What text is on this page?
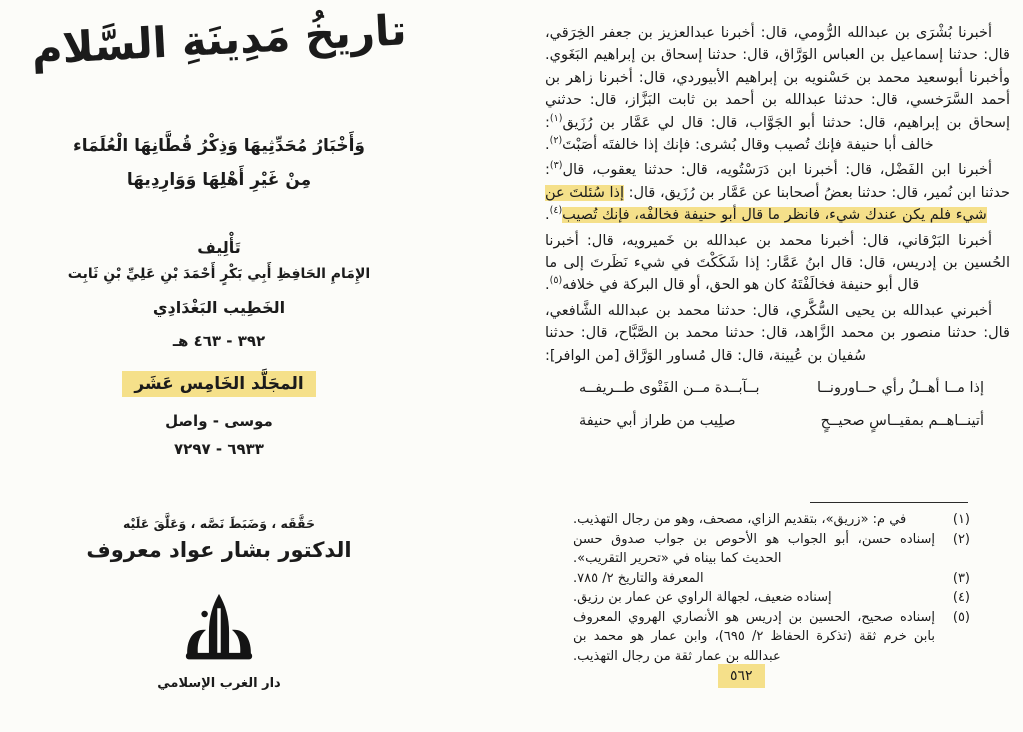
تاريخُ مَدِينَةِ السَّلام
وَأَخْبَارُ مُحَدِّثِيهَا وَذِكْرُ قُطَّانِهَا الْعُلَمَاء
مِنْ غَيْرِ أَهْلِهَا وَوَارِدِيهَا
تَأْلِيف
الإِمَامِ الحَافِظِ أَبِي بَكْرٍ أَحْمَدَ بْنِ عَلِيِّ بْنِ ثَابِت
الخَطِيب البَغْدَادِي
٣٩٢ - ٤٦٣ هـ
المجَلَّد الخَامِس عَشَر
موسى - واصل
٦٩٣٣ - ٧٢٩٧
حَقَّقَه ، وَضَبَطَ نَصَّه ، وَعَلَّقَ عَلَيْه
الدكتور بشار عواد معروف
دار الغرب الإسلامي

أخبرنا بُشْرَى بن عبدالله الرُّومي، قال: أخبرنا عبدالعزيز بن جعفر الخِرَقي، قال: حدثنا إسماعيل بن العباس الوَرَّاق، قال: حدثنا إسحاق بن إبراهيم البَغَوي. وأخبرنا أبوسعيد محمد بن حَسْنويه بن إبراهيم الأبيوردي، قال: أخبرنا زاهر بن أحمد السَّرَخسي، قال: حدثنا عبدالله بن أحمد بن ثابت البَزَّاز، قال: حدثني إسحاق بن إبراهيم، قال: حدثنا أبو الجَوَّاب، قال: قال لي عَمَّار بن رُزَيق$^{(١)}$: خالف أبا حنيفة فإنك تُصيب وقال بُشرى: فإنك إذا خالفتَه أصَبْتَ$^{(٢)}$.

أخبرنا ابن الفَضْل، قال: أخبرنا ابن دَرَسْتُويه، قال: حدثنا يعقوب، قال$^{(٣)}$: حدثنا ابن نُمير، قال: حدثنا بعضُ أصحابنا عن عَمَّار بن رُزَيق، قال: إذا سُئلتَ عن شيء فلم يكن عندك شيء، فانظر ما قال أبو حنيفة فخالفْه، فإنك تُصيب$^{(٤)}$.

أخبرنا البَرْقاني، قال: أخبرنا محمد بن عبدالله بن خَميرويه، قال: أخبرنا الحُسين بن إدريس، قال: قال ابنُ عَمَّار: إذا شَكَكْتَ في شيء نَظَرتَ إلى ما قال أبو حنيفة فخالَفْتَهُ كان هو الحق، أو قال البركة في خلافه$^{(٥)}$.

أخبرني عبدالله بن يحيى السُّكَّري، قال: حدثنا محمد بن عبدالله الشَّافعي، قال: حدثنا منصور بن محمد الزَّاهد، قال: حدثنا محمد بن الصَّبَّاح، قال: حدثنا سُفيان بن عُيينة، قال: قال مُساور الوَرَّاق [من الوافر]:

إذا مــا أهــلُ رأي حــاورونــا
بــآبــدة مــن الفَتْوى طــريفــه
أتينــاهــم بمقيــاسٍ صحيــحٍ
صلِيب من طراز أبي حنيفة
(١)
في م: «زريق»، بتقديم الزاي، مصحف، وهو من رجال التهذيب.
(٢)
إسناده حسن، أبو الجواب هو الأحوص بن جواب صدوق حسن الحديث كما بيناه في «تحرير التقريب».
(٣)
المعرفة والتاريخ ٢/ ٧٨٥.
(٤)
إسناده ضعيف، لجهالة الراوي عن عمار بن رزيق.
(٥)
إسناده صحيح، الحسين بن إدريس هو الأنصاري الهروي المعروف بابن خرم ثقة (تذكرة الحفاظ ٢/ ٦٩٥)، وابن عمار هو محمد بن عبدالله بن عمار ثقة من رجال التهذيب.
٥٦٢
